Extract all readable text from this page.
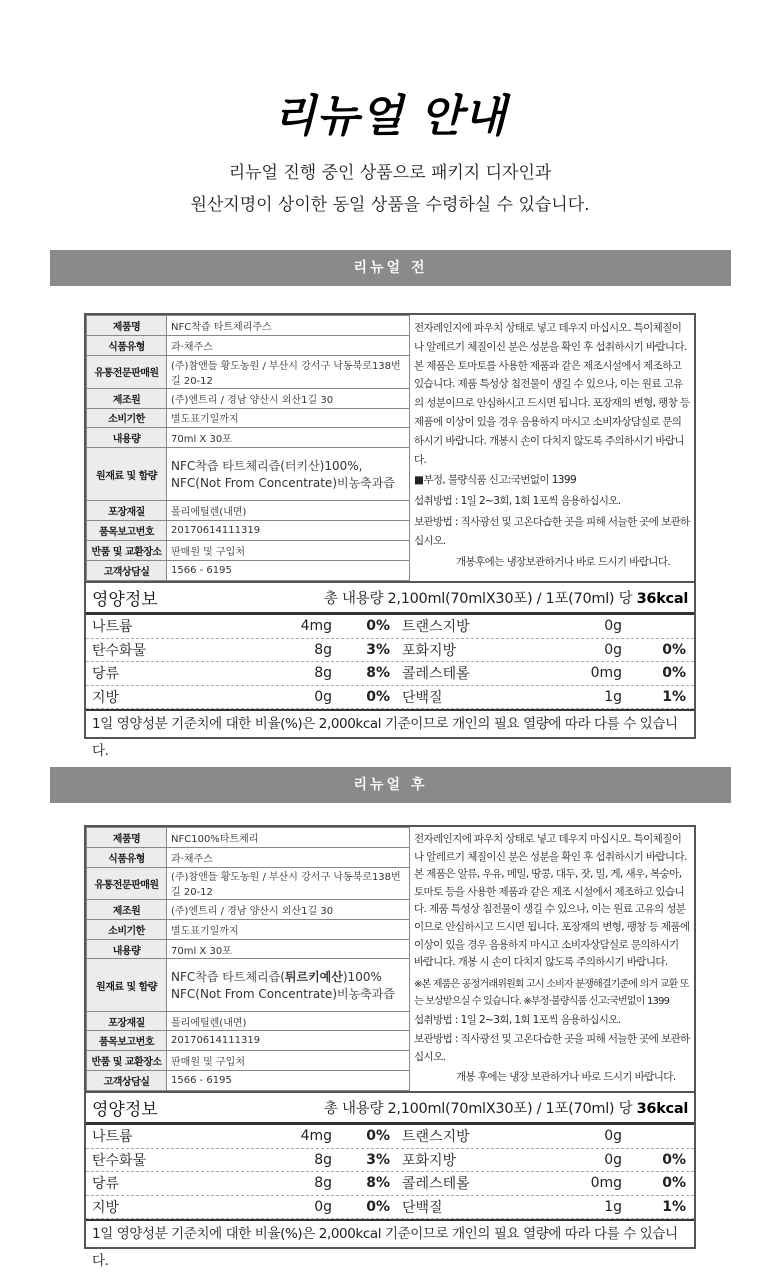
리뉴얼 안내
리뉴얼 진행 중인 상품으로 패키지 디자인과
원산지명이 상이한 동일 상품을 수령하실 수 있습니다.
리뉴얼 전
제품명	NFC착즙 타트체리주스
식품유형	과·채주스
유통전문판매원	(주)참앤들 황도농원 / 부산시 강서구 낙동북로138번길 20-12
제조원	(주)엔트리 / 경남 양산시 외산1길 30
소비기한	별도표기일까지
내용량	70ml X 30포
원재료 및 함량	NFC착즙 타트체리즙(터키산)100%, NFC(Not From Concentrate)비농축과즙
포장재질	폴리에틸렌(내면)
품목보고번호	20170614111319
반품 및 교환장소	판매원 및 구입처
고객상담실	1566 - 6195

전자레인지에 파우치 상태로 넣고 데우지 마십시오. 특이체질이나 알레르기 체질이신 분은 성분을 확인 후 섭취하시기 바랍니다. 본 제품은 토마토를 사용한 제품과 같은 제조시설에서 제조하고 있습니다. 제품 특성상 침전물이 생길 수 있으나, 이는 원료 고유의 성분이므로 안심하시고 드시면 됩니다. 포장재의 변형, 팽창 등 제품에 이상이 있을 경우 음용하지 마시고 소비자상담실로 문의하시기 바랍니다. 개봉시 손이 다치지 않도록 주의하시기 바랍니다.

■부정, 불량식품 신고:국번없이 1399

섭취방법 : 1일 2~3회, 1회 1포씩 음용하십시오.

보관방법 : 직사광선 및 고온다습한 곳을 피해 서늘한 곳에 보관하십시오.

개봉후에는 냉장보관하거나 바로 드시기 바랍니다.

영양정보	총 내용량 2,100ml(70mlX30포) / 1포(70ml) 당 36kcal
나트륨	4mg	0% 트랜스지방	0g
탄수화물	8g	3% 포화지방	0g	0%
당류	8g	8% 콜레스테롤	0mg	0%
지방	0g	0% 단백질	1g	1%
1일 영양성분 기준치에 대한 비율(%)은 2,000kcal 기준이므로 개인의 필요 열량에 따라 다를 수 있습니다.
리뉴얼 후
제품명	NFC100%타트체리
식품유형	과·채주스
유통전문판매원	(주)참앤들 황도농원 / 부산시 강서구 낙동북로138번길 20-12
제조원	(주)엔트리 / 경남 양산시 외산1길 30
소비기한	별도표기일까지
내용량	70ml X 30포
원재료 및 함량	NFC착즙 타트체리즙(튀르키예산)100%
NFC(Not From Concentrate)비농축과즙
포장재질	폴리에틸렌(내면)
품목보고번호	20170614111319
반품 및 교환장소	판매원 및 구입처
고객상담실	1566 - 6195

전자레인지에 파우치 상태로 넣고 데우지 마십시오. 특이체질이나 알레르기 체질이신 분은 성분을 확인 후 섭취하시기 바랍니다. 본 제품은 알류, 우유, 메밀, 땅콩, 대두, 잣, 밀, 게, 새우, 복숭아, 토마토 등을 사용한 제품과 같은 제조 시설에서 제조하고 있습니다. 제품 특성상 침전물이 생길 수 있으나, 이는 원료 고유의 성분이므로 안심하시고 드시면 됩니다. 포장재의 변형, 팽창 등 제품에 이상이 있을 경우 음용하지 마시고 소비자상담실로 문의하시기 바랍니다. 개봉 시 손이 다치지 않도록 주의하시기 바랍니다.

※본 제품은 공정거래위원회 고시 소비자 분쟁해결기준에 의거 교환 또는 보상받으실 수 있습니다. ※부정·불량식품 신고:국번없이 1399

섭취방법 : 1일 2~3회, 1회 1포씩 음용하십시오.

보관방법 : 직사광선 및 고온다습한 곳을 피해 서늘한 곳에 보관하십시오.

개봉 후에는 냉장 보관하거나 바로 드시기 바랍니다.

영양정보	총 내용량 2,100ml(70mlX30포) / 1포(70ml) 당 36kcal
나트륨	4mg	0% 트랜스지방	0g
탄수화물	8g	3% 포화지방	0g	0%
당류	8g	8% 콜레스테롤	0mg	0%
지방	0g	0% 단백질	1g	1%
1일 영양성분 기준치에 대한 비율(%)은 2,000kcal 기준이므로 개인의 필요 열량에 따라 다를 수 있습니다.
